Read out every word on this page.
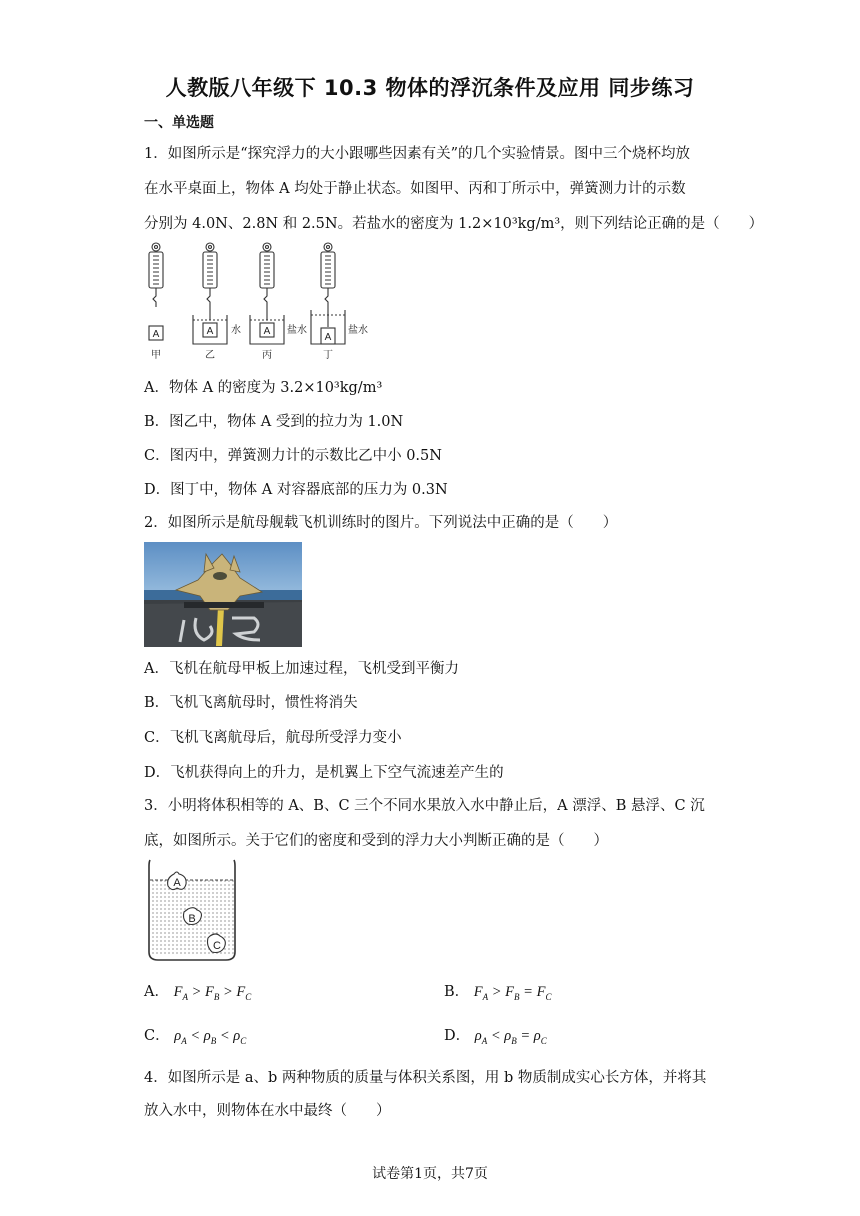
人教版八年级下 10.3 物体的浮沉条件及应用 同步练习
一、单选题
1．如图所示是“探究浮力的大小跟哪些因素有关”的几个实验情景。图中三个烧杯均放
在水平桌面上，物体 A 均处于静止状态。如图甲、丙和丁所示中，弹簧测力计的示数
分别为 4.0N、2.8N 和 2.5N。若盐水的密度为 1.2×10³kg/m³，则下列结论正确的是（　　）
A	A	A
A
水	盐水	盐水
甲	乙	丙	丁
A．物体 A 的密度为 3.2×10³kg/m³
B．图乙中，物体 A 受到的拉力为 1.0N
C．图丙中，弹簧测力计的示数比乙中小 0.5N
D．图丁中，物体 A 对容器底部的压力为 0.3N
2．如图所示是航母舰载飞机训练时的图片。下列说法中正确的是（　　）
A．飞机在航母甲板上加速过程，飞机受到平衡力
B．飞机飞离航母时，惯性将消失
C．飞机飞离航母后，航母所受浮力变小
D．飞机获得向上的升力，是机翼上下空气流速差产生的
3．小明将体积相等的 A、B、C 三个不同水果放入水中静止后，A 漂浮、B 悬浮、C 沉
底，如图所示。关于它们的密度和受到的浮力大小判断正确的是（　　）
A
B
C
A． $F_A > F_B > F_C$	B． $F_A > F_B = F_C$
C． $\rho_A < \rho_B < \rho_C$	D． $\rho_A < \rho_B = \rho_C$
4．如图所示是 a、b 两种物质的质量与体积关系图，用 b 物质制成实心长方体，并将其
放入水中，则物体在水中最终（　　）
试卷第1页，共7页
